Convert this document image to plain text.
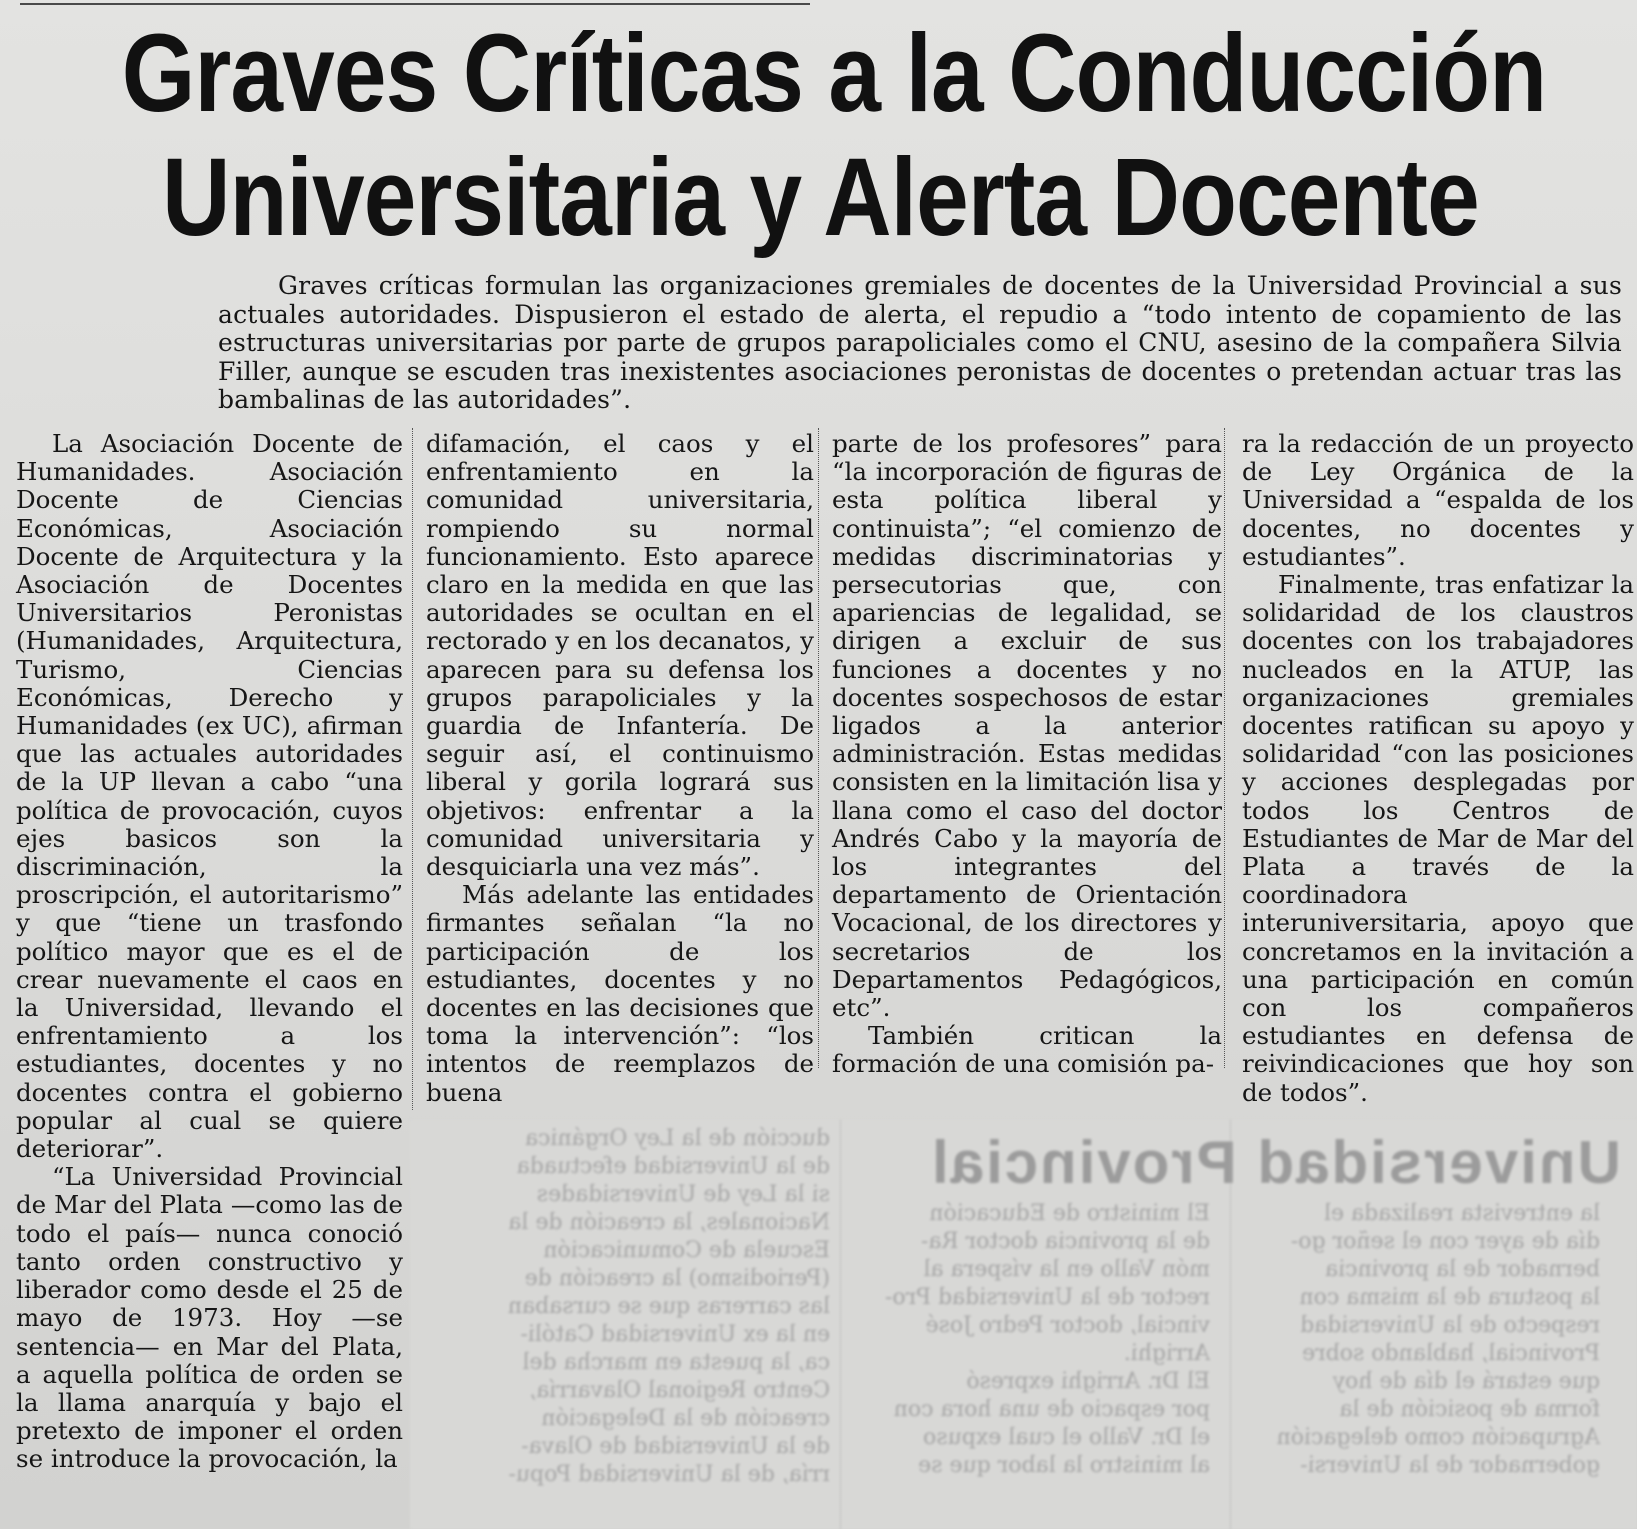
Graves Críticas a la Conducción
Universitaria y Alerta Docente

Graves críticas formulan las organizaciones gremiales de docentes de la Universidad Provincial a sus actuales autoridades. Dispusieron el estado de alerta, el repudio a “todo intento de copamiento de las estructuras universitarias por parte de grupos parapoliciales como el CNU, asesino de la compañera Silvia Filler, aunque se escuden tras inexistentes asociaciones peronistas de docentes o pretendan actuar tras las bambalinas de las autoridades”.

La Asociación Docente de Humanidades. Asociación Docente de Ciencias Económicas, Asociación Docente de Arquitectura y la Asociación de Docentes Universitarios Peronistas (Humanidades, Arquitectura, Turismo, Ciencias Económicas, Derecho y Humanidades (ex UC), afirman que las actuales autoridades de la UP llevan a cabo “una política de provocación, cuyos ejes basicos son la discriminación, la proscripción, el autoritarismo” y que “tiene un trasfondo político mayor que es el de crear nuevamente el caos en la Universidad, llevando el enfrentamiento a los estudiantes, docentes y no docentes contra el gobierno popular al cual se quiere deteriorar”.

“La Universidad Provincial de Mar del Plata —como las de todo el país— nunca conoció tanto orden constructivo y liberador como desde el 25 de mayo de 1973. Hoy —se sentencia— en Mar del Plata, a aquella política de orden se la llama anarquía y bajo el pretexto de imponer el orden se introduce la provocación, la

difamación, el caos y el enfrentamiento en la comunidad universitaria, rompiendo su normal funcionamiento. Esto aparece claro en la medida en que las autoridades se ocultan en el rectorado y en los decanatos, y aparecen para su defensa los grupos parapoliciales y la guardia de Infantería. De seguir así, el continuismo liberal y gorila logrará sus objetivos: enfrentar a la comunidad universitaria y desquiciarla una vez más”.

Más adelante las entidades firmantes señalan “la no participación de los estudiantes, docentes y no docentes en las decisiones que toma la intervención”: “los intentos de reemplazos de buena

parte de los profesores” para “la incorporación de figuras de esta política liberal y continuista”; “el comienzo de medidas discriminatorias y persecutorias que, con apariencias de legalidad, se dirigen a excluir de sus funciones a docentes y no docentes sospechosos de estar ligados a la anterior administración. Estas medidas consisten en la limitación lisa y llana como el caso del doctor Andrés Cabo y la mayoría de los integrantes del departamento de Orientación Vocacional, de los directores y secretarios de los Departamentos Pedagógicos, etc”.

También critican la formación de una comisión pa-

ra la redacción de un proyecto de Ley Orgánica de la Universidad a “espalda de los docentes, no docentes y estudiantes”.

Finalmente, tras enfatizar la solidaridad de los claustros docentes con los trabajadores nucleados en la ATUP, las organizaciones gremiales docentes ratifican su apoyo y solidaridad “con las posiciones y acciones desplegadas por todos los Centros de Estudiantes de Mar de Mar del Plata a través de la coordinadora interuniversitaria, apoyo que concretamos en la invitación a una participación en común con los compañeros estudiantes en defensa de reivindicaciones que hoy son de todos”.

Universidad Provincial
ducción de la Ley Orgánica
de la Universidad efectuada
si la Ley de Universidades
Nacionales, la creación de la
Escuela de Comunicación
(Periodismo) la creación de
las carreras que se cursaban
en la ex Universidad Católi-
ca, la puesta en marcha del
Centro Regional Olavarría,
creación de la Delegación
de la Universidad de Olava-
rría, de la Universidad Popu-
El ministro de Educación
de la provincia doctor Ra-
món Vallo en la víspera al
rector de la Universidad Pro-
vincial, doctor Pedro José
Arrighi.
El Dr. Arrighi expresó
por espacio de una hora con
el Dr. Vallo el cual expuso
al ministro la labor que se
la entrevista realizada el
día de ayer con el señor go-
bernador de la provincia
la postura de la misma con
respecto de la Universidad
Provincial, hablando sobre
que estará el día de hoy
forma de posición de la
Agrupación como delegación
gobernador de la Universi-
